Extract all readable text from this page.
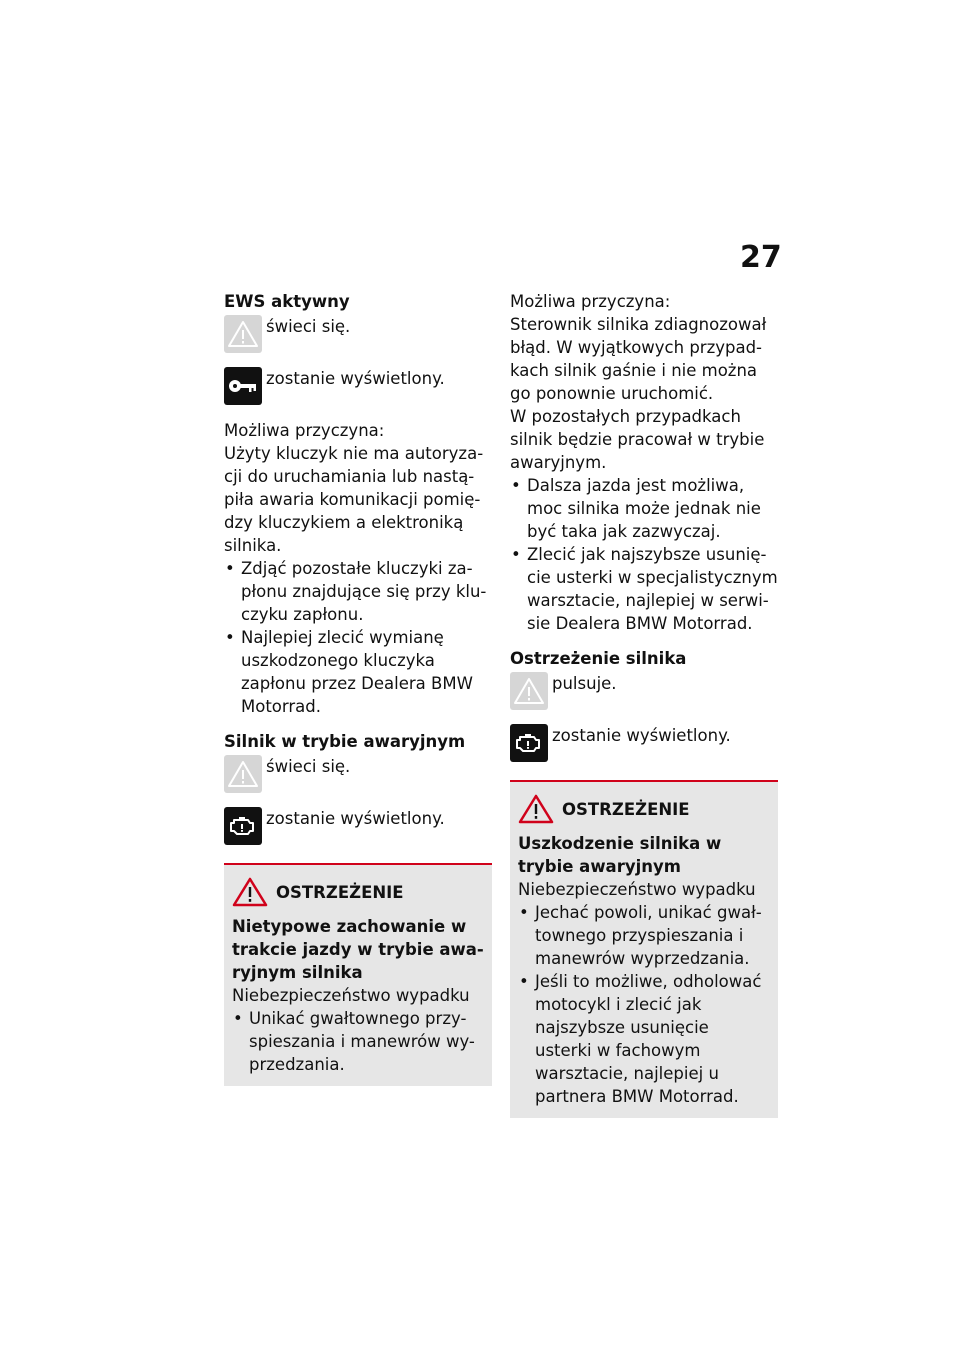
27

EWS aktywny

świeci się.
zostanie wyświetlony.

Możliwa przyczyna:

Użyty kluczyk nie ma autoryza-cji do uruchamiania lub nastą-piła awaria komunikacji pomię-dzy kluczykiem a elektroniką silnika.

• Zdjąć pozostałe kluczyki za-płonu znajdujące się przy klu-czyku zapłonu.
• Najlepiej zlecić wymianę uszkodzonego kluczyka zapłonu przez Dealera BMW Motorrad.

Silnik w trybie awaryjnym

świeci się.
zostanie wyświetlony.
OSTRZEŻENIE

Nietypowe zachowanie w trakcie jazdy w trybie awa-ryjnym silnika

Niebezpieczeństwo wypadku

• Unikać gwałtownego przy-spieszania i manewrów wy-przedzania.

Możliwa przyczyna:

Sterownik silnika zdiagnozował błąd. W wyjątkowych przypad-kach silnik gaśnie i nie można go ponownie uruchomić.

W pozostałych przypadkach silnik będzie pracował w trybie awaryjnym.

• Dalsza jazda jest możliwa, moc silnika może jednak nie być taka jak zazwyczaj.
• Zlecić jak najszybsze usunię-cie usterki w specjalistycznym warsztacie, najlepiej w serwi-sie Dealera BMW Motorrad.

Ostrzeżenie silnika

pulsuje.
zostanie wyświetlony.
OSTRZEŻENIE

Uszkodzenie silnika w trybie awaryjnym

Niebezpieczeństwo wypadku

• Jechać powoli, unikać gwał-townego przyspieszania i manewrów wyprzedzania.
• Jeśli to możliwe, odholować motocykl i zlecić jak najszybsze usunięcie usterki w fachowym warsztacie, najlepiej u partnera BMW Motorrad.
